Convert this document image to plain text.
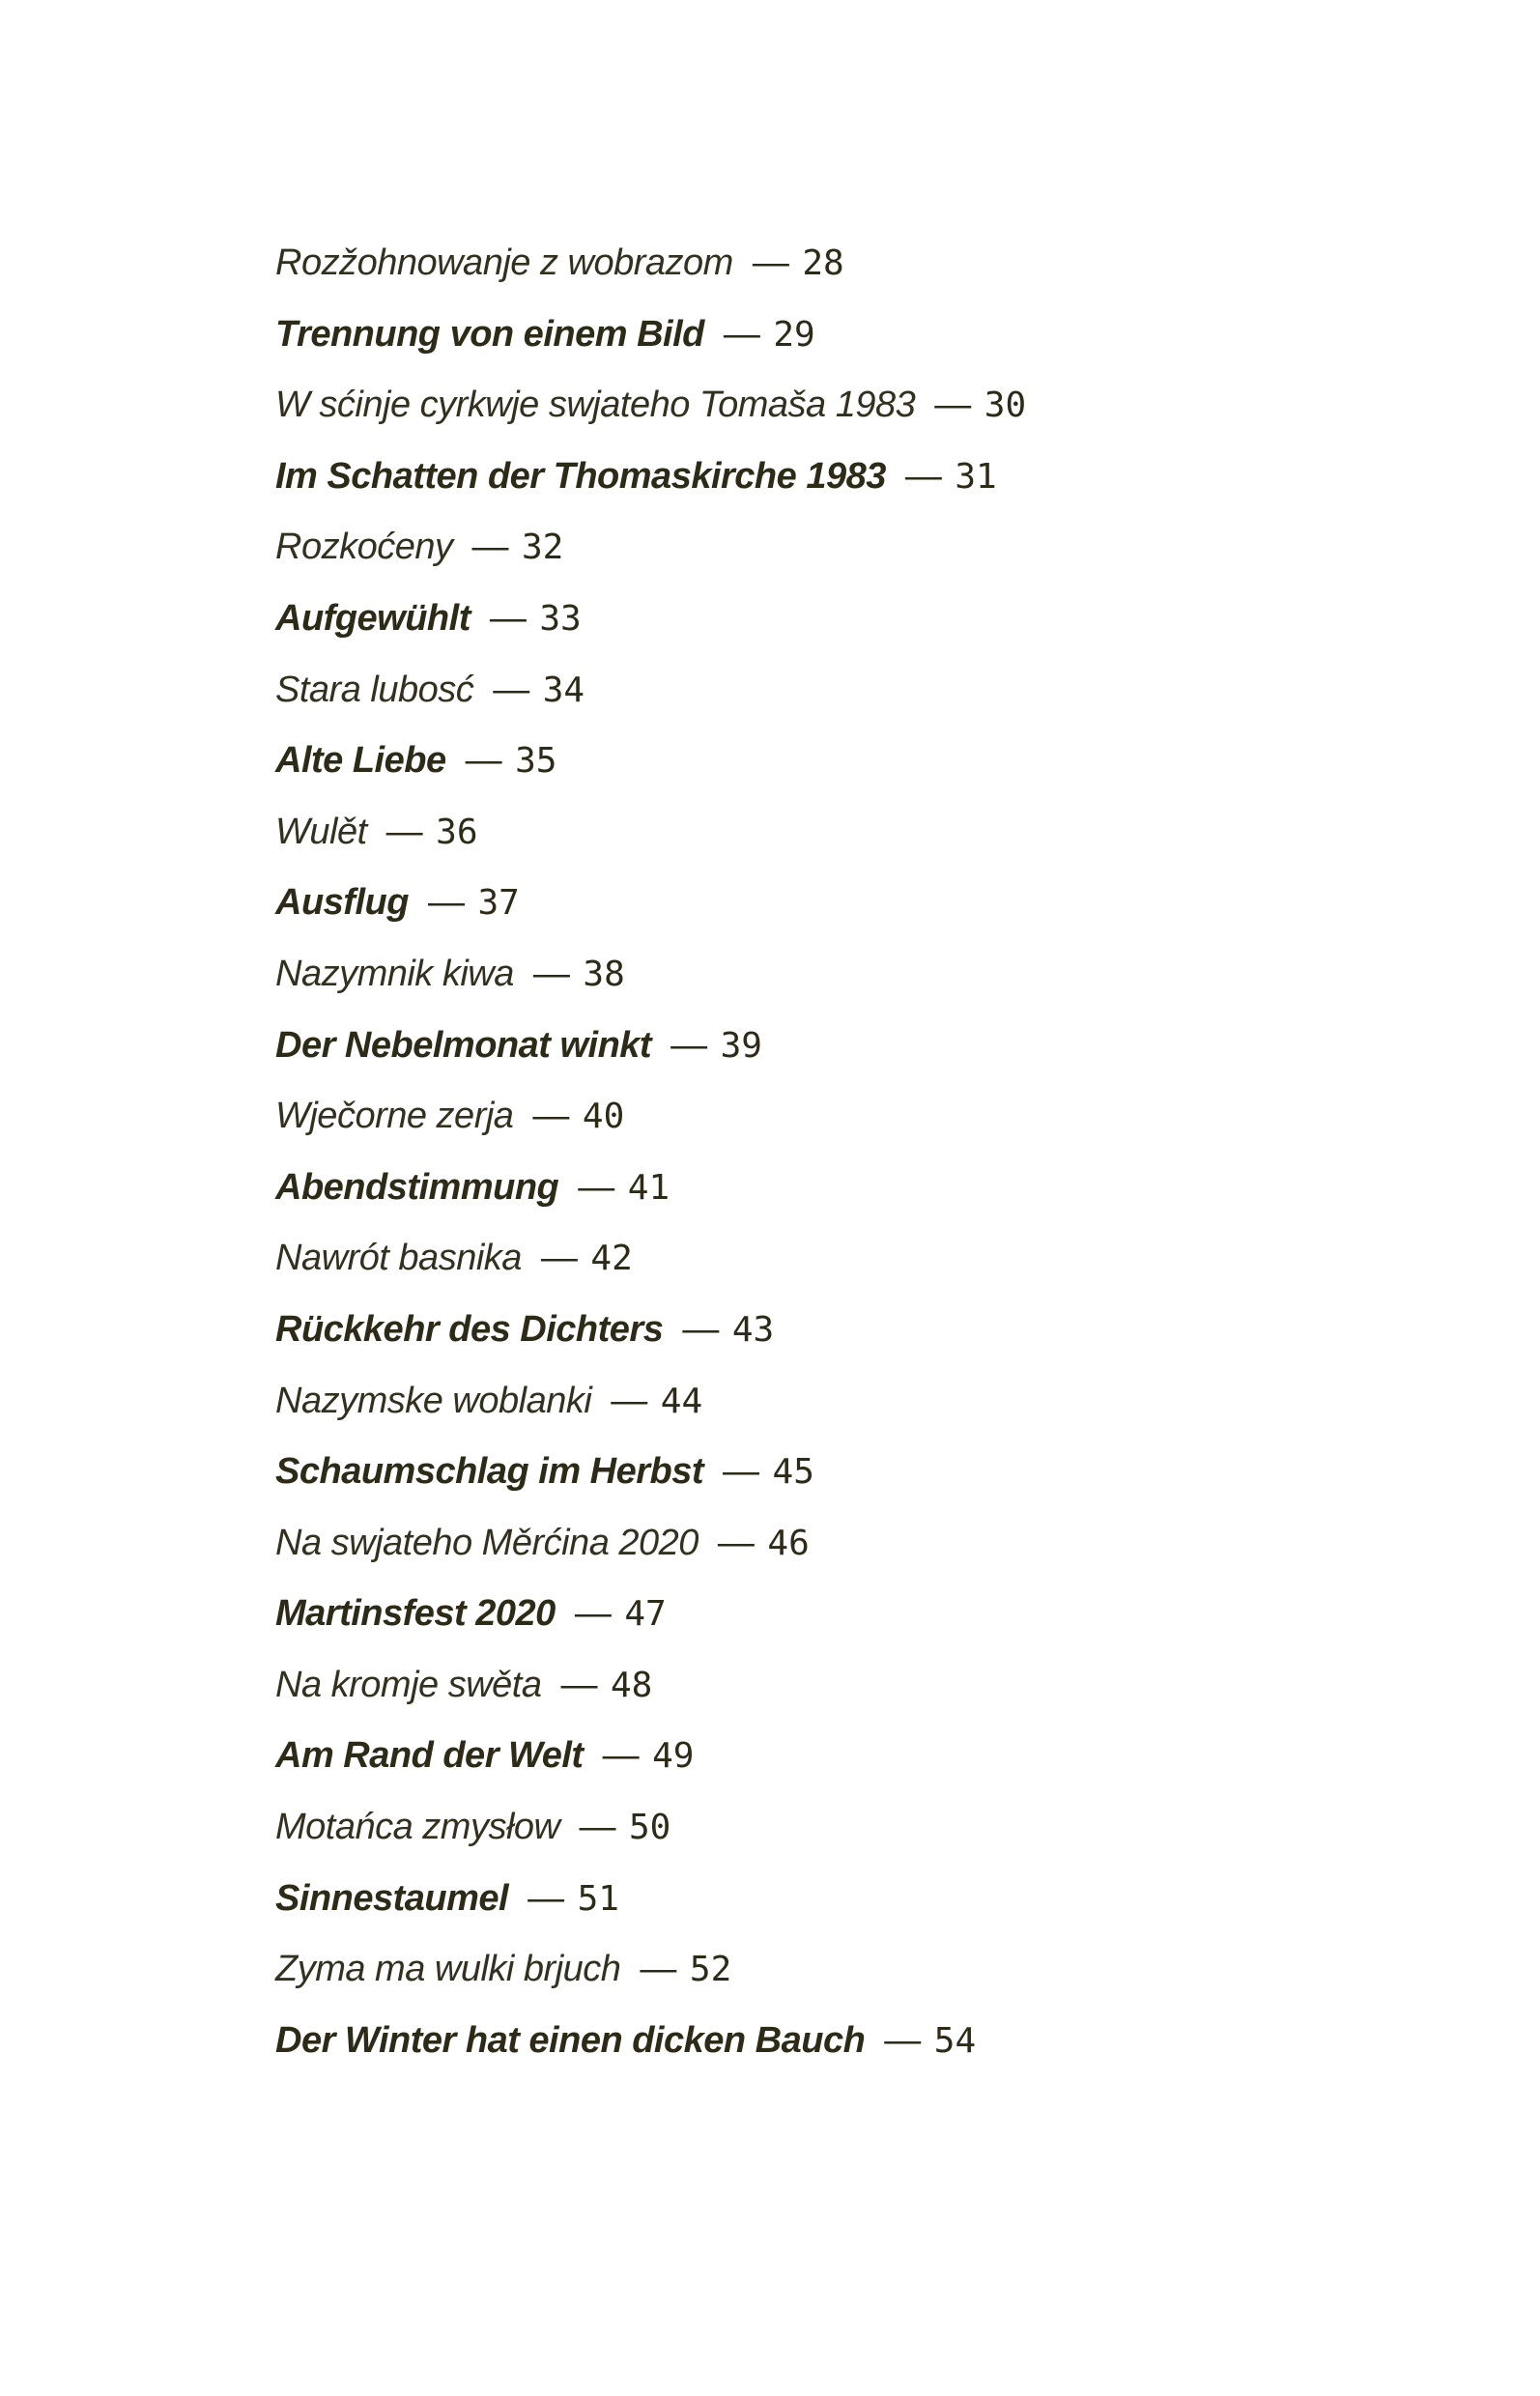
Rozžohnowanje z wobrazom — 28
Trennung von einem Bild — 29
W sćinje cyrkwje swjateho Tomaša 1983 — 30
Im Schatten der Thomaskirche 1983 — 31
Rozkoćeny — 32
Aufgewühlt — 33
Stara lubosć — 34
Alte Liebe — 35
Wulět — 36
Ausflug — 37
Nazymnik kiwa — 38
Der Nebelmonat winkt — 39
Wječorne zerja — 40
Abendstimmung — 41
Nawrót basnika — 42
Rückkehr des Dichters — 43
Nazymske woblanki — 44
Schaumschlag im Herbst — 45
Na swjateho Měrćina 2020 — 46
Martinsfest 2020 — 47
Na kromje swěta — 48
Am Rand der Welt — 49
Motańca zmysłow — 50
Sinnestaumel — 51
Zyma ma wulki brjuch — 52
Der Winter hat einen dicken Bauch — 54
